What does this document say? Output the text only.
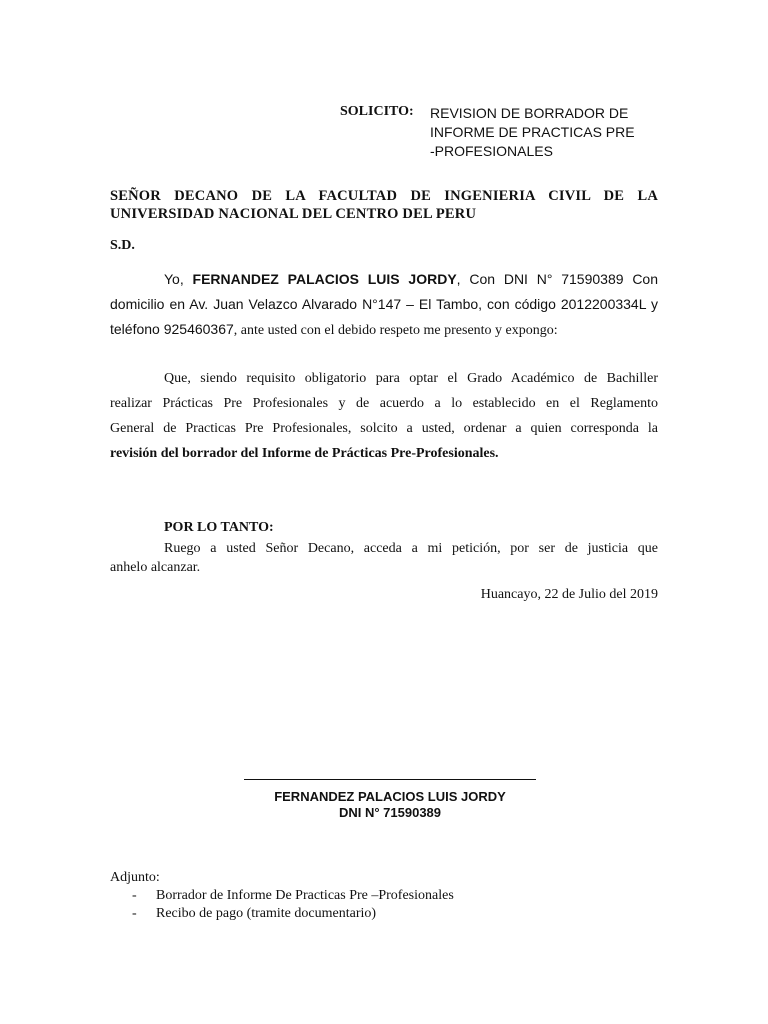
SOLICITO: REVISION DE BORRADOR DE
INFORME DE PRACTICAS PRE
-PROFESIONALES
SEÑOR DECANO DE LA FACULTAD DE INGENIERIA CIVIL DE LA UNIVERSIDAD NACIONAL DEL CENTRO DEL PERU
S.D.
Yo, FERNANDEZ PALACIOS LUIS JORDY, Con DNI N° 71590389 Con
domicilio en Av. Juan Velazco Alvarado N°147 – El Tambo, con código 2012200334L y
teléfono 925460367, ante usted con el debido respeto me presento y expongo:
Que, siendo requisito obligatorio para optar el Grado Académico de Bachiller
realizar Prácticas Pre Profesionales y de acuerdo a lo establecido en el Reglamento
General de Practicas Pre Profesionales, solcito a usted, ordenar a quien corresponda la
revisión del borrador del Informe de Prácticas Pre-Profesionales.
POR LO TANTO:
Ruego a usted Señor Decano, acceda a mi petición, por ser de justicia que
anhelo alcanzar.
Huancayo, 22 de Julio del 2019
FERNANDEZ PALACIOS LUIS JORDY
DNI N° 71590389
Adjunto:
- Borrador de Informe De Practicas Pre –Profesionales
- Recibo de pago (tramite documentario)
